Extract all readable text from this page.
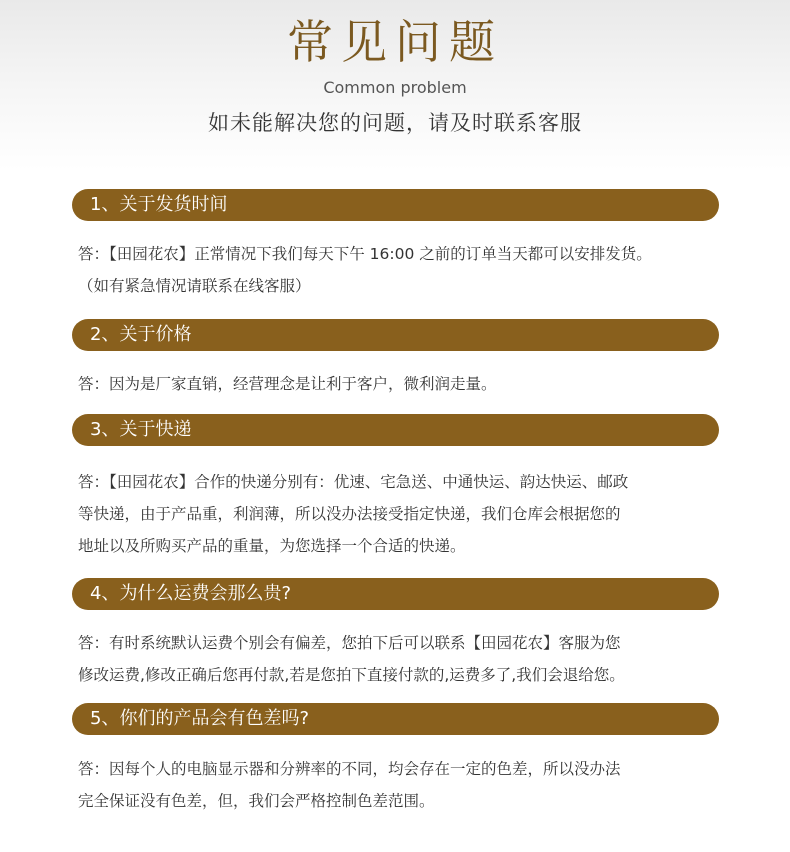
常见问题
Common problem
如未能解决您的问题，请及时联系客服
1、关于发货时间
答：【田园花农】正常情况下我们每天下午 16:00 之前的订单当天都可以安排发货。
（如有紧急情况请联系在线客服）
2、关于价格
答：因为是厂家直销，经营理念是让利于客户，微利润走量。
3、关于快递
答：【田园花农】合作的快递分别有：优速、宅急送、中通快运、韵达快运、邮政
等快递，由于产品重，利润薄，所以没办法接受指定快递，我们仓库会根据您的
地址以及所购买产品的重量，为您选择一个合适的快递。
4、为什么运费会那么贵?
答：有时系统默认运费个别会有偏差，您拍下后可以联系【田园花农】客服为您
修改运费,修改正确后您再付款,若是您拍下直接付款的,运费多了,我们会退给您。
5、你们的产品会有色差吗?
答：因每个人的电脑显示器和分辨率的不同，均会存在一定的色差，所以没办法
完全保证没有色差，但，我们会严格控制色差范围。
